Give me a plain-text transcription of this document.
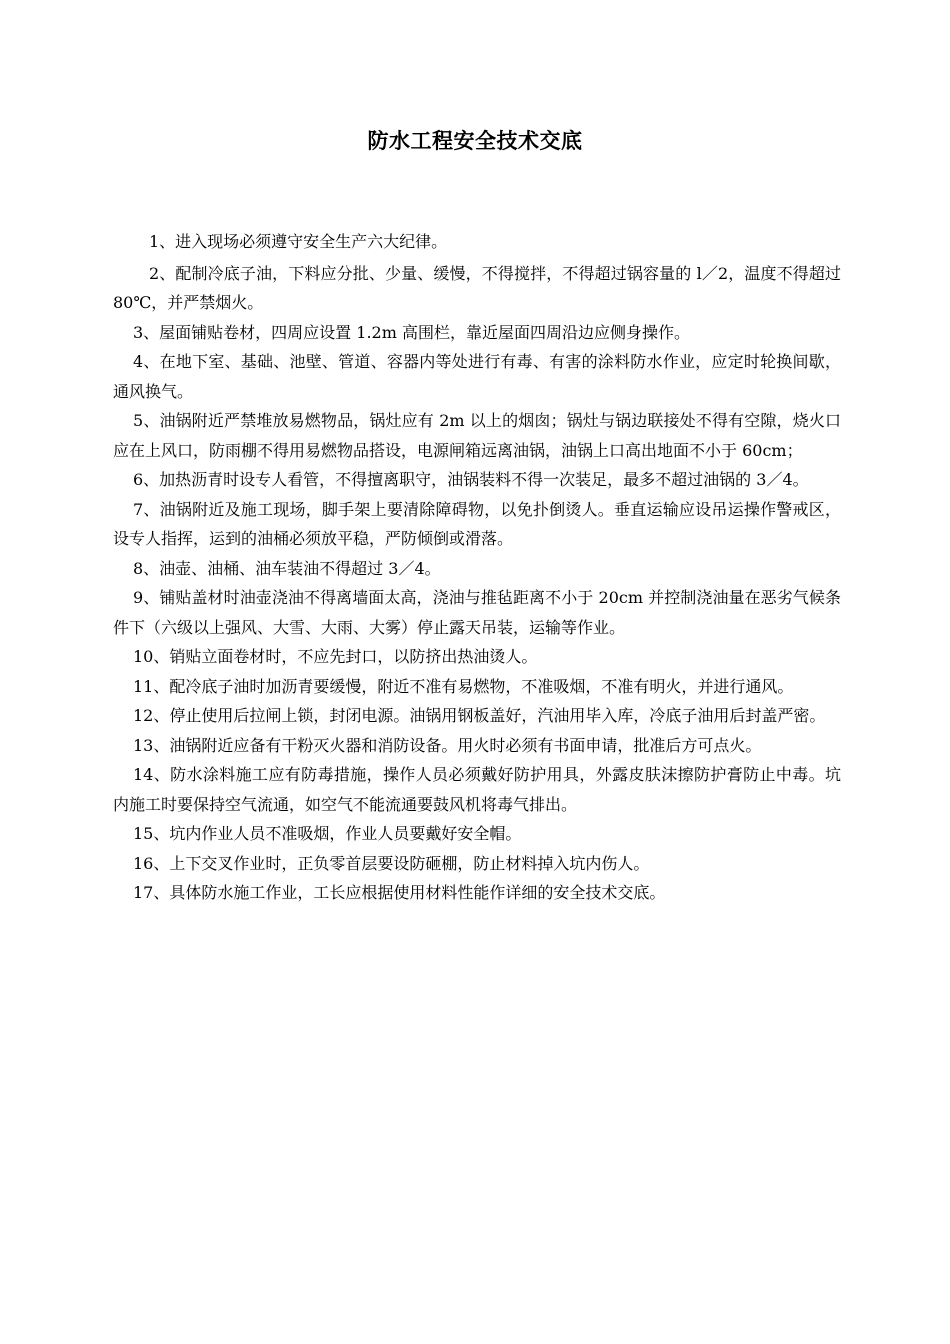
防水工程安全技术交底

1、进入现场必须遵守安全生产六大纪律。

2、配制冷底子油，下料应分批、少量、缓慢，不得搅拌，不得超过锅容量的 l／2，温度不得超过 80℃，并严禁烟火。

3、屋面铺贴卷材，四周应设置 1.2m 高围栏，靠近屋面四周沿边应侧身操作。

4、在地下室、基础、池壁、管道、容器内等处进行有毒、有害的涂料防水作业，应定时轮换间歇，通风换气。

5、油锅附近严禁堆放易燃物品，锅灶应有 2m 以上的烟囱；锅灶与锅边联接处不得有空隙，烧火口应在上风口，防雨棚不得用易燃物品搭设，电源闸箱远离油锅，油锅上口高出地面不小于 60cm；

6、加热沥青时设专人看管，不得擅离职守，油锅装料不得一次装足，最多不超过油锅的 3／4。

7、油锅附近及施工现场，脚手架上要清除障碍物，以免扑倒烫人。垂直运输应设吊运操作警戒区，设专人指挥，运到的油桶必须放平稳，严防倾倒或滑落。

8、油壶、油桶、油车装油不得超过 3／4。

9、铺贴盖材时油壶浇油不得离墙面太高，浇油与推毡距离不小于 20cm 并控制浇油量在恶劣气候条件下（六级以上强风、大雪、大雨、大雾）停止露天吊装，运输等作业。

10、销贴立面卷材时，不应先封口，以防挤出热油烫人。

11、配冷底子油时加沥青要缓慢，附近不准有易燃物，不准吸烟，不准有明火，并进行通风。

12、停止使用后拉闸上锁，封闭电源。油锅用钢板盖好，汽油用毕入库，冷底子油用后封盖严密。

13、油锅附近应备有干粉灭火器和消防设备。用火时必须有书面申请，批准后方可点火。

14、防水涂料施工应有防毒措施，操作人员必须戴好防护用具，外露皮肤沫擦防护膏防止中毒。坑内施工时要保持空气流通，如空气不能流通要鼓风机将毒气排出。

15、坑内作业人员不准吸烟，作业人员要戴好安全帽。

16、上下交叉作业时，正负零首层要设防砸棚，防止材料掉入坑内伤人。

17、具体防水施工作业，工长应根据使用材料性能作详细的安全技术交底。
